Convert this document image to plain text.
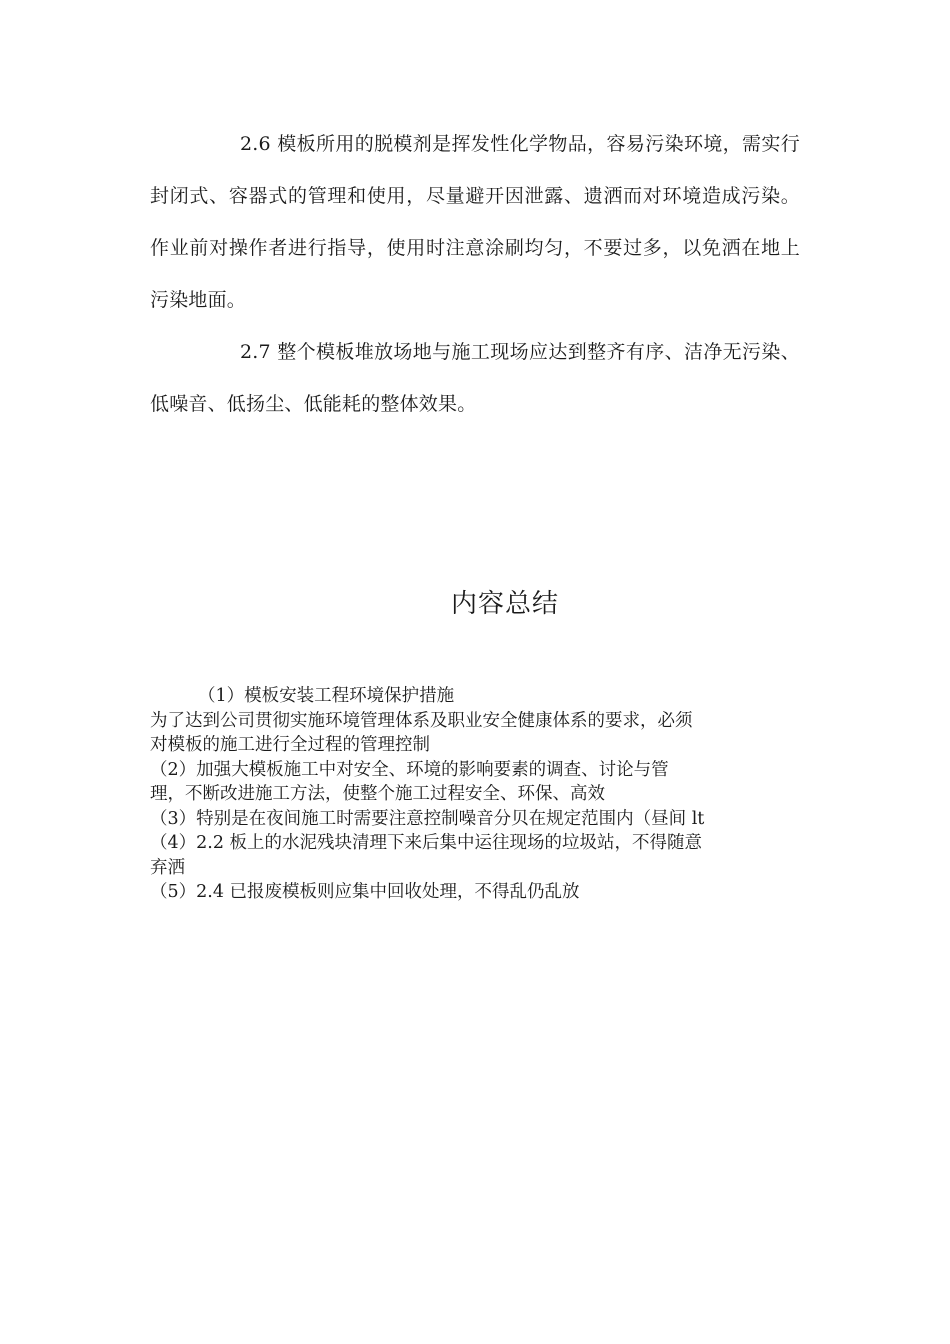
2.6 模板所用的脱模剂是挥发性化学物品，容易污染环境，需实行封闭式、容器式的管理和使用，尽量避开因泄露、遗洒而对环境造成污染。作业前对操作者进行指导，使用时注意涂刷均匀，不要过多，以免洒在地上污染地面。

2.7 整个模板堆放场地与施工现场应达到整齐有序、洁净无污染、低噪音、低扬尘、低能耗的整体效果。

内容总结
（1）模板安装工程环境保护措施
为了达到公司贯彻实施环境管理体系及职业安全健康体系的要求，必须
对模板的施工进行全过程的管理控制
（2）加强大模板施工中对安全、环境的影响要素的调查、讨论与管
理，不断改进施工方法，使整个施工过程安全、环保、高效
（3）特别是在夜间施工时需要注意控制噪音分贝在规定范围内（昼间 lt
（4）2.2 板上的水泥残块清理下来后集中运往现场的垃圾站，不得随意
弃洒
（5）2.4 已报废模板则应集中回收处理，不得乱仍乱放
